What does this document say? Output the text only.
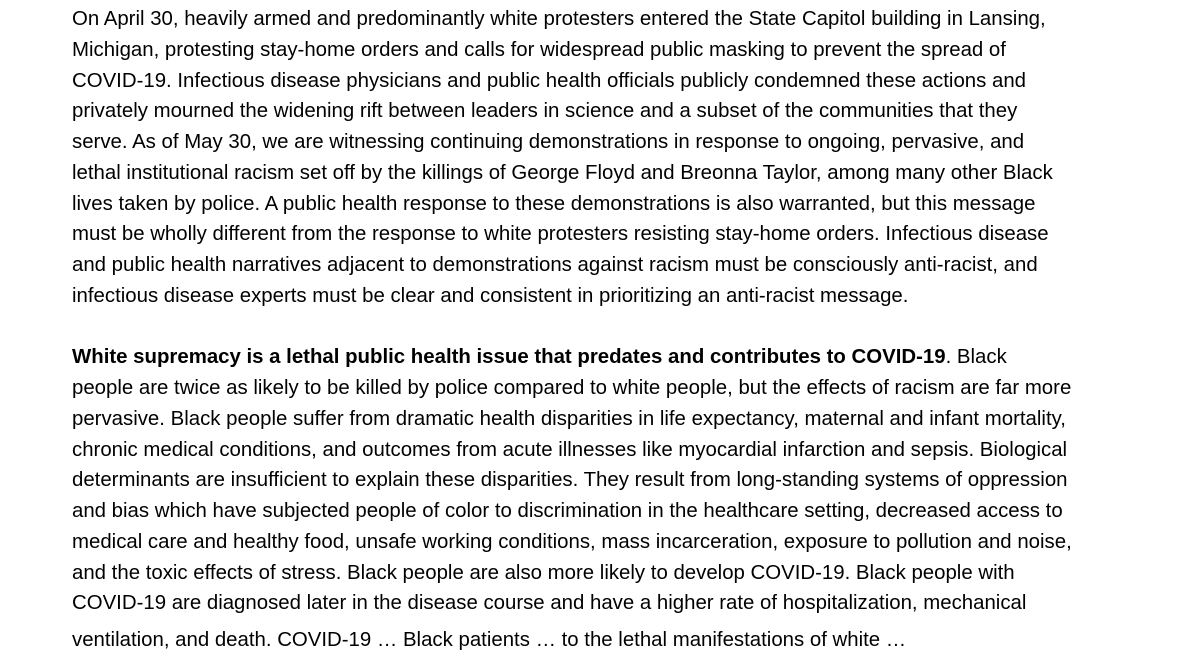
On April 30, heavily armed and predominantly white protesters entered the State Capitol building in Lansing,

Michigan, protesting stay-home orders and calls for widespread public masking to prevent the spread of

COVID-19. Infectious disease physicians and public health officials publicly condemned these actions and

privately mourned the widening rift between leaders in science and a subset of the communities that they

serve. As of May 30, we are witnessing continuing demonstrations in response to ongoing, pervasive, and

lethal institutional racism set off by the killings of George Floyd and Breonna Taylor, among many other Black

lives taken by police. A public health response to these demonstrations is also warranted, but this message

must be wholly different from the response to white protesters resisting stay-home orders. Infectious disease

and public health narratives adjacent to demonstrations against racism must be consciously anti-racist, and

infectious disease experts must be clear and consistent in prioritizing an anti-racist message.

White supremacy is a lethal public health issue that predates and contributes to COVID-19. Black

people are twice as likely to be killed by police compared to white people, but the effects of racism are far more

pervasive. Black people suffer from dramatic health disparities in life expectancy, maternal and infant mortality,

chronic medical conditions, and outcomes from acute illnesses like myocardial infarction and sepsis. Biological

determinants are insufficient to explain these disparities. They result from long-standing systems of oppression

and bias which have subjected people of color to discrimination in the healthcare setting, decreased access to

medical care and healthy food, unsafe working conditions, mass incarceration, exposure to pollution and noise,

and the toxic effects of stress. Black people are also more likely to develop COVID-19. Black people with

COVID-19 are diagnosed later in the disease course and have a higher rate of hospitalization, mechanical

ventilation, and death. COVID-19 … Black patients … to the lethal manifestations of white …
